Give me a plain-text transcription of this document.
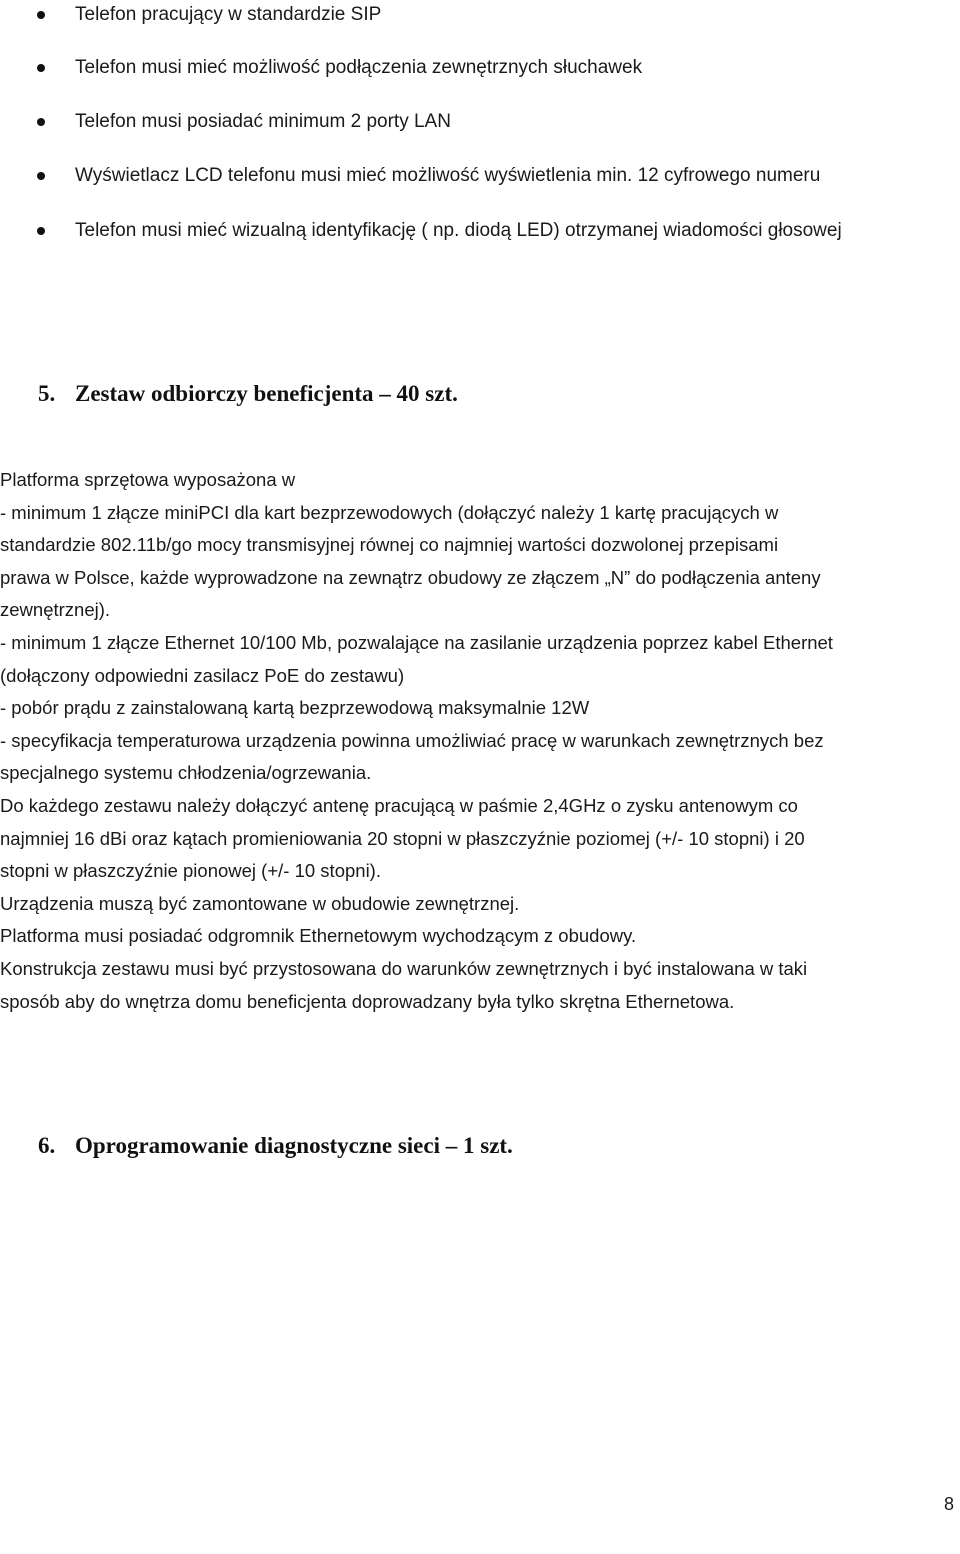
Telefon pracujący w standardzie SIP
Telefon musi mieć możliwość podłączenia zewnętrznych słuchawek
Telefon musi posiadać minimum 2 porty LAN
Wyświetlacz LCD telefonu musi mieć możliwość wyświetlenia min. 12 cyfrowego numeru
Telefon musi mieć wizualną identyfikację ( np. diodą LED) otrzymanej wiadomości głosowej
5. Zestaw odbiorczy beneficjenta – 40 szt.

Platforma sprzętowa wyposażona w

- minimum 1 złącze miniPCI dla kart bezprzewodowych (dołączyć należy 1 kartę pracujących w

standardzie 802.11b/go mocy transmisyjnej równej co najmniej wartości dozwolonej przepisami

prawa w Polsce, każde wyprowadzone na zewnątrz obudowy ze złączem „N” do podłączenia anteny

zewnętrznej).

- minimum 1 złącze Ethernet 10/100 Mb, pozwalające na zasilanie urządzenia poprzez kabel Ethernet

(dołączony odpowiedni zasilacz PoE do zestawu)

- pobór prądu z zainstalowaną kartą bezprzewodową maksymalnie 12W

- specyfikacja temperaturowa urządzenia powinna umożliwiać pracę w warunkach zewnętrznych bez

specjalnego systemu chłodzenia/ogrzewania.

Do każdego zestawu należy dołączyć antenę pracującą w paśmie 2,4GHz o zysku antenowym co

najmniej 16 dBi oraz kątach promieniowania 20 stopni w płaszczyźnie poziomej (+/- 10 stopni) i 20

stopni w płaszczyźnie pionowej (+/- 10 stopni).

Urządzenia muszą być zamontowane w obudowie zewnętrznej.

Platforma musi posiadać odgromnik Ethernetowym wychodzącym z obudowy.

Konstrukcja zestawu musi być przystosowana do warunków zewnętrznych i być instalowana w taki

sposób aby do wnętrza domu beneficjenta doprowadzany była tylko skrętna Ethernetowa.

6. Oprogramowanie diagnostyczne sieci – 1 szt.
8
